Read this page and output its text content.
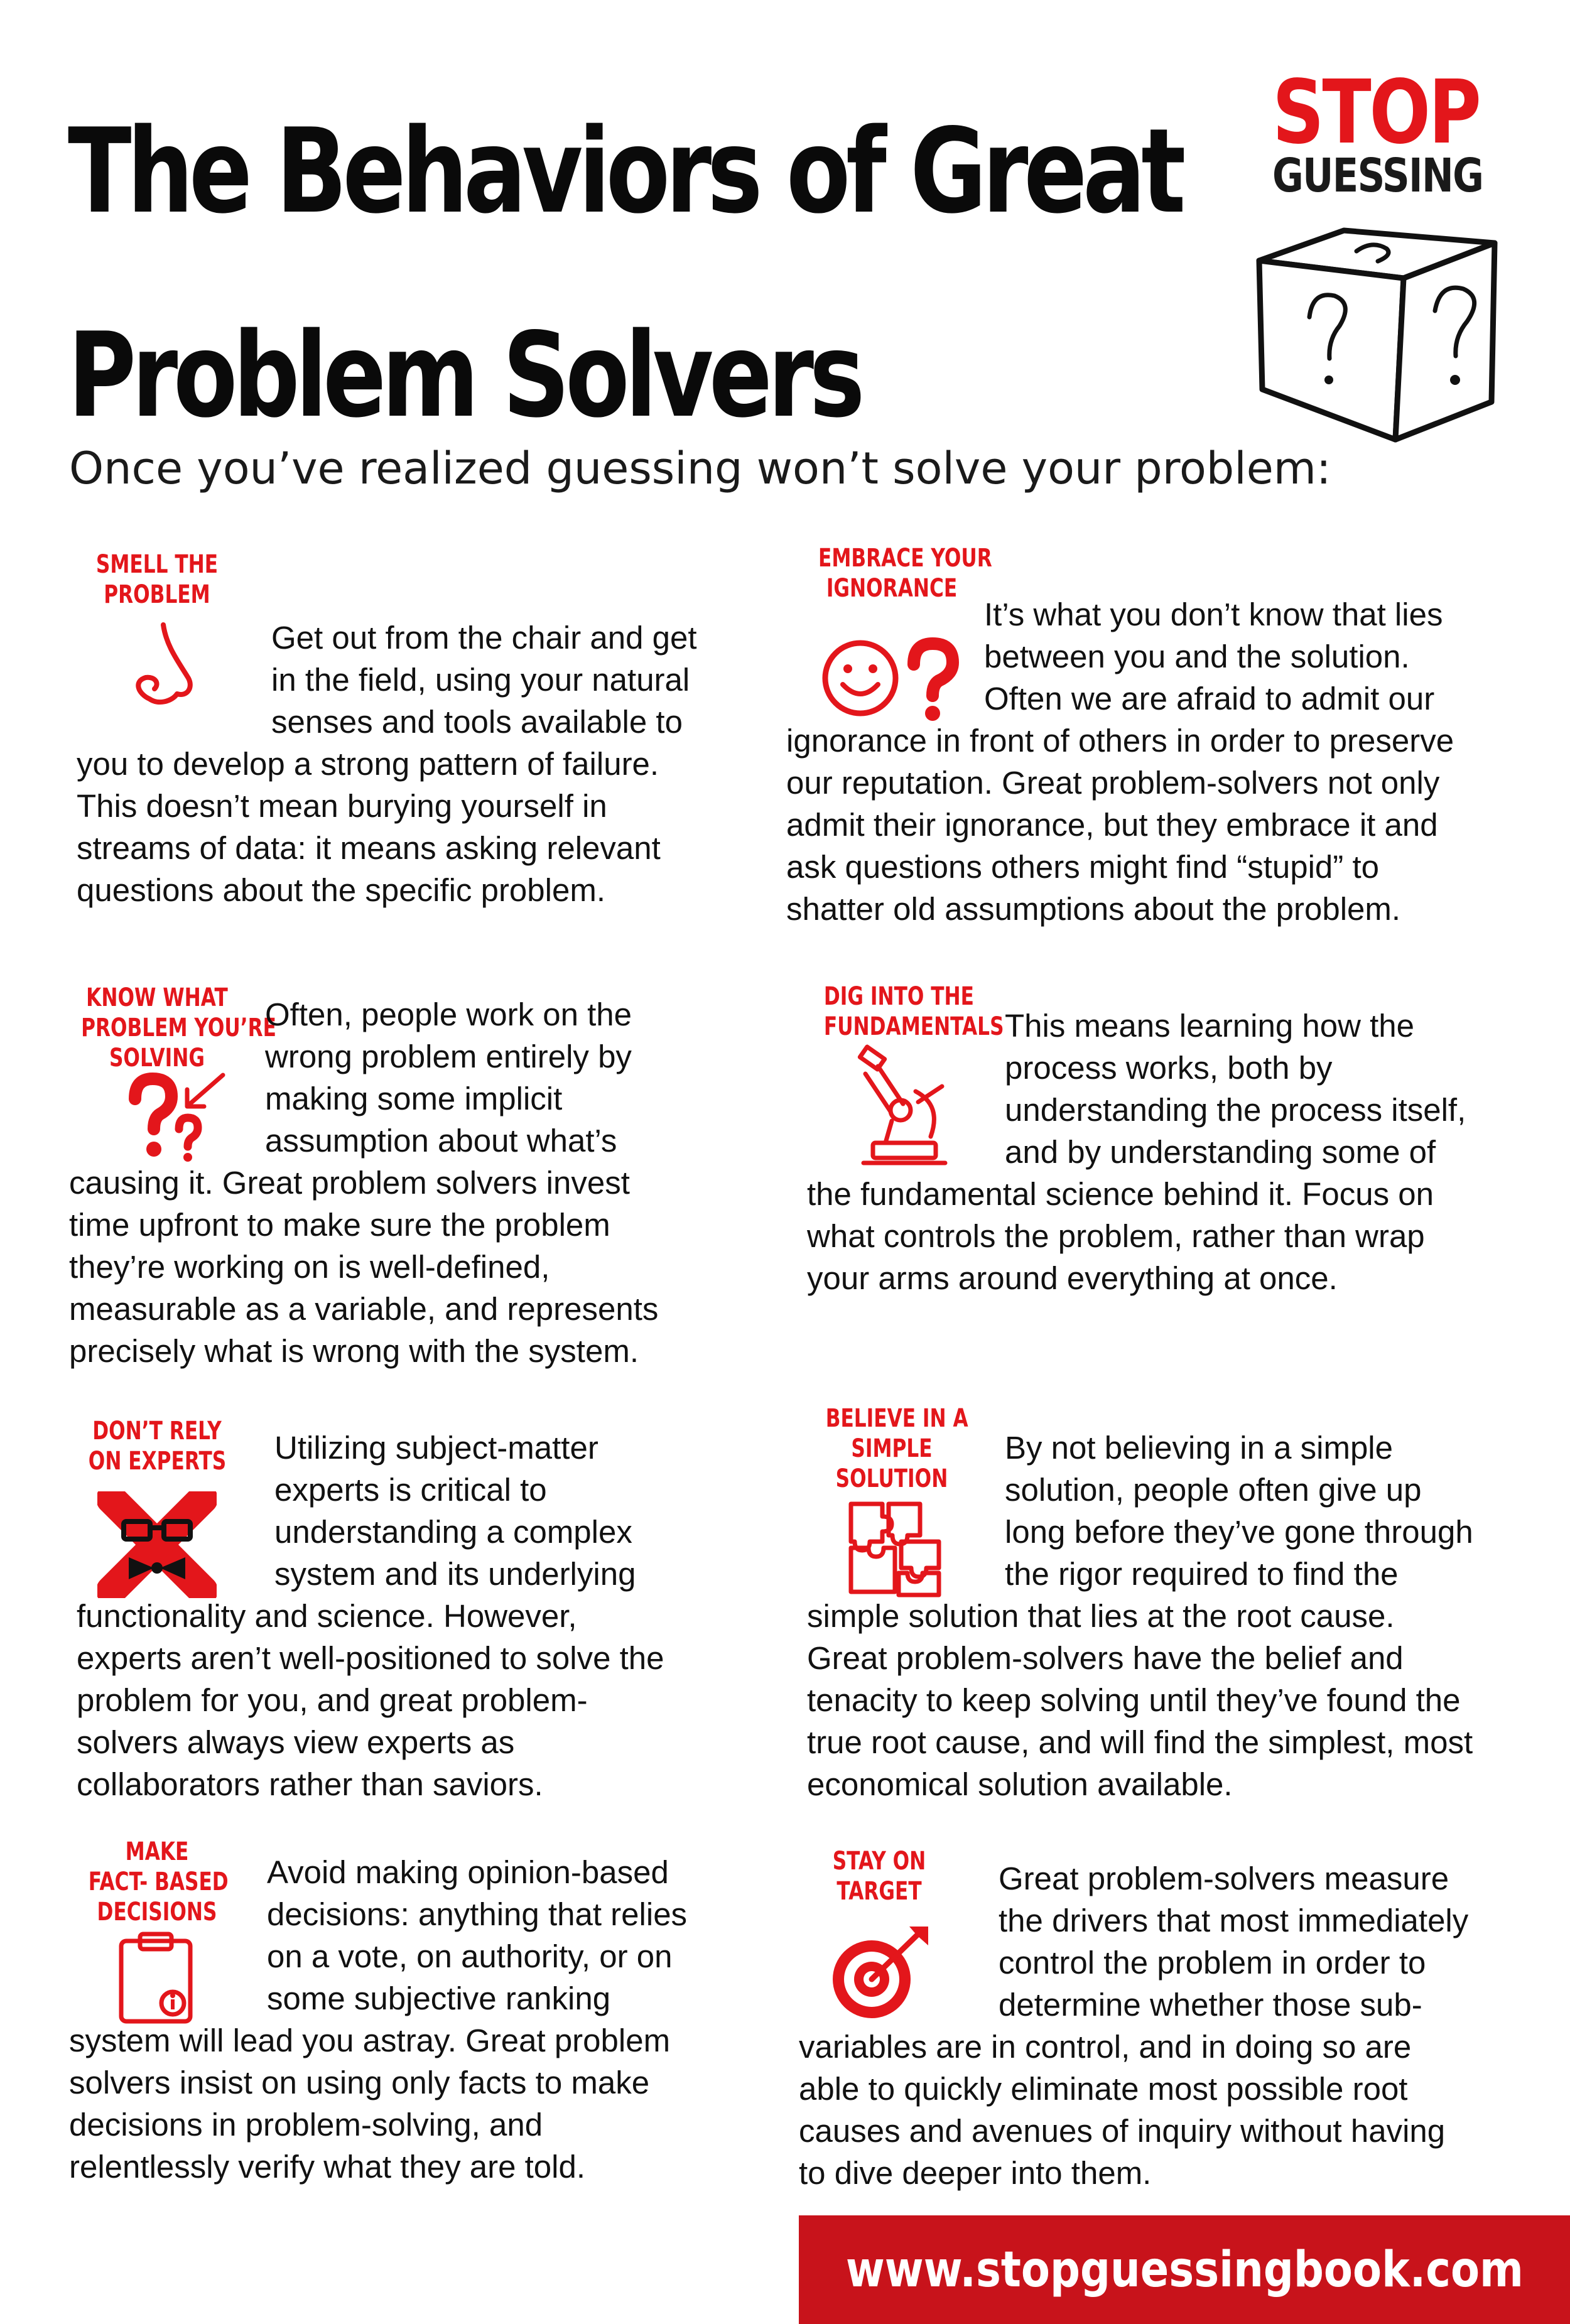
The Behaviors of Great
Problem Solvers
STOP
GUESSING

Once you’ve realized guessing won’t solve your problem:

SMELL THE
PROBLEM
Get out from the chair and get
in the field, using your natural
senses and tools available to
you to develop a strong pattern of failure.
This doesn’t mean burying yourself in
streams of data: it means asking relevant
questions about the specific problem.
EMBRACE YOUR
IGNORANCE
It’s what you don’t know that lies
between you and the solution.
Often we are afraid to admit our
ignorance in front of others in order to preserve
our reputation. Great problem-solvers not only
admit their ignorance, but they embrace it and
ask questions others might find “stupid” to
shatter old assumptions about the problem.
KNOW WHAT
PROBLEM YOU’RE
SOLVING
Often, people work on the
wrong problem entirely by
making some implicit
assumption about what’s
causing it. Great problem solvers invest
time upfront to make sure the problem
they’re working on is well-defined,
measurable as a variable, and represents
precisely what is wrong with the system.
DIG INTO THE
FUNDAMENTALS This means learning how the
process works, both by
understanding the process itself,
and by understanding some of
the fundamental science behind it. Focus on
what controls the problem, rather than wrap
your arms around everything at once.
DON’T RELY
ON EXPERTS Utilizing subject-matter
experts is critical to
understanding a complex
system and its underlying
functionality and science. However,
experts aren’t well-positioned to solve the
problem for you, and great problem-
solvers always view experts as
collaborators rather than saviors.
BELIEVE IN A
SIMPLE
SOLUTION
By not believing in a simple
solution, people often give up
long before they’ve gone through
the rigor required to find the
simple solution that lies at the root cause.
Great problem-solvers have the belief and
tenacity to keep solving until they’ve found the
true root cause, and will find the simplest, most
economical solution available.
MAKE
FACT- BASED
DECISIONS
Avoid making opinion-based
decisions: anything that relies
on a vote, on authority, or on
some subjective ranking
system will lead you astray. Great problem
solvers insist on using only facts to make
decisions in problem-solving, and
relentlessly verify what they are told.
STAY ON
TARGET Great problem-solvers measure
the drivers that most immediately
control the problem in order to
determine whether those sub-
variables are in control, and in doing so are
able to quickly eliminate most possible root
causes and avenues of inquiry without having
to dive deeper into them.
www.stopguessingbook.com
